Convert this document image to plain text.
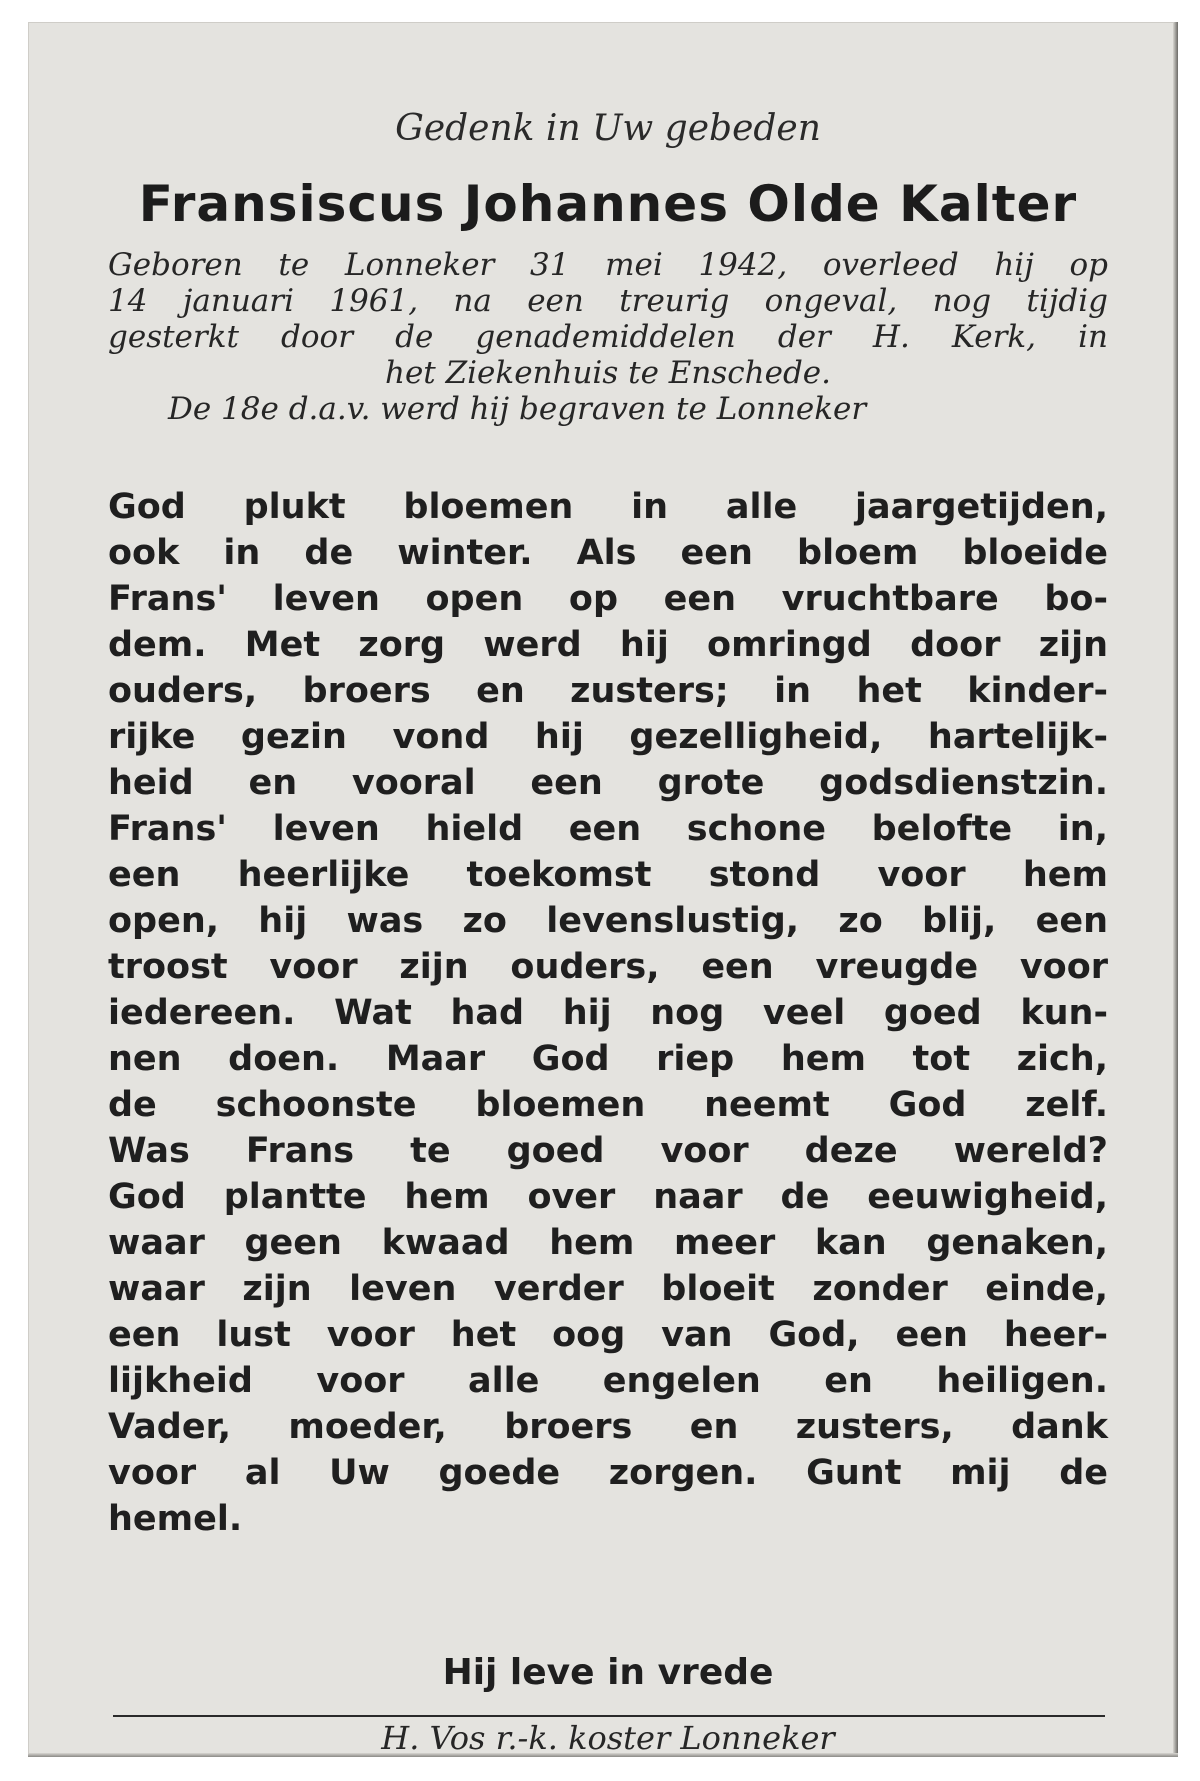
Gedenk in Uw gebeden
Fransiscus Johannes Olde Kalter
Geboren te Lonneker 31 mei 1942, overleed hij op
14 januari 1961, na een treurig ongeval, nog tijdig
gesterkt door de genademiddelen der H. Kerk, in
het Ziekenhuis te Enschede.
De 18e d.a.v. werd hij begraven te Lonneker
God plukt bloemen in alle jaargetijden,
ook in de winter. Als een bloem bloeide
Frans' leven open op een vruchtbare bo-
dem. Met zorg werd hij omringd door zijn
ouders, broers en zusters; in het kinder-
rijke gezin vond hij gezelligheid, hartelijk-
heid en vooral een grote godsdienstzin.
Frans' leven hield een schone belofte in,
een heerlijke toekomst stond voor hem
open, hij was zo levenslustig, zo blij, een
troost voor zijn ouders, een vreugde voor
iedereen. Wat had hij nog veel goed kun-
nen doen. Maar God riep hem tot zich,
de schoonste bloemen neemt God zelf.
Was Frans te goed voor deze wereld?
God plantte hem over naar de eeuwigheid,
waar geen kwaad hem meer kan genaken,
waar zijn leven verder bloeit zonder einde,
een lust voor het oog van God, een heer-
lijkheid voor alle engelen en heiligen.
Vader, moeder, broers en zusters, dank
voor al Uw goede zorgen. Gunt mij de
hemel.
Hij leve in vrede
H. Vos r.-k. koster Lonneker
